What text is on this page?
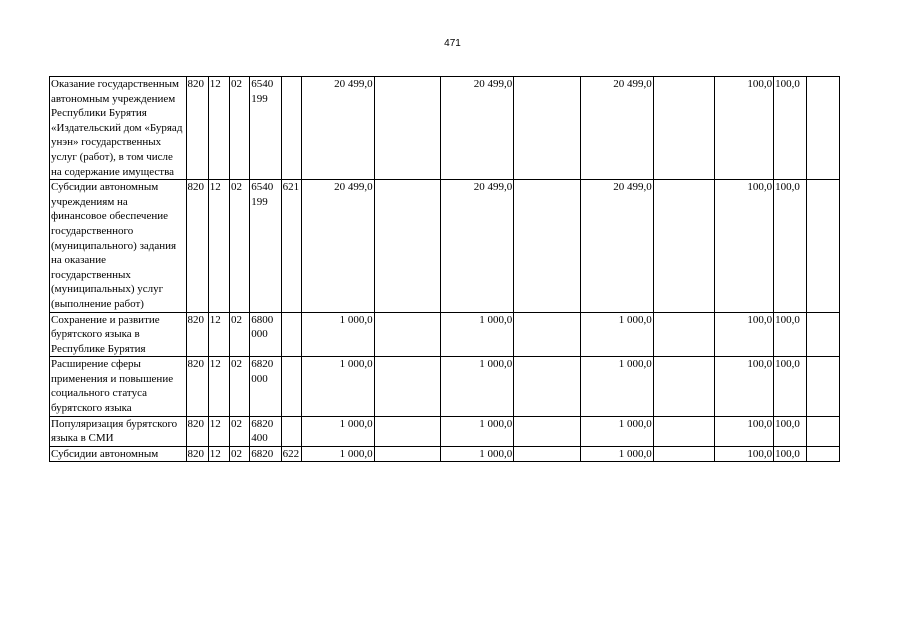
471
Оказание государственным автономным учреждением Республики Бурятия «Издательский дом «Буряад унэн» государственных услуг (работ), в том числе на содержание имущества	820	12	02	6540 199		20 499,0		20 499,0		20 499,0		100,0	100,0	
Субсидии автономным учреждениям на финансовое обеспечение государственного (муниципального) задания на оказание государственных (муниципальных) услуг (выполнение работ)	820	12	02	6540 199	621	20 499,0		20 499,0		20 499,0		100,0	100,0	
Сохранение и развитие бурятского языка в Республике Бурятия	820	12	02	6800 000		1 000,0		1 000,0		1 000,0		100,0	100,0	
Расширение сферы применения и повышение социального статуса бурятского языка	820	12	02	6820 000		1 000,0		1 000,0		1 000,0		100,0	100,0	
Популяризация бурятского языка в СМИ	820	12	02	6820 400		1 000,0		1 000,0		1 000,0		100,0	100,0	
Субсидии автономным	820	12	02	6820	622	1 000,0		1 000,0		1 000,0		100,0	100,0	
